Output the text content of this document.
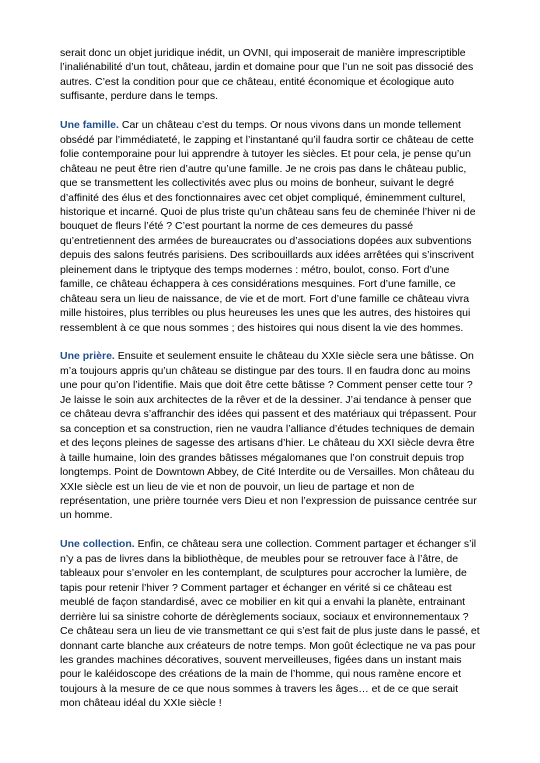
serait donc un objet juridique inédit, un OVNI, qui imposerait de manière imprescriptible
l’inaliénabilité d’un tout, château, jardin et domaine pour que l’un ne soit pas dissocié des
autres. C’est la condition pour que ce château, entité économique et écologique auto
suffisante, perdure dans le temps.

Une famille. Car un château c’est du temps. Or nous vivons dans un monde tellement
obsédé par l’immédiateté, le zapping et l’instantané qu’il faudra sortir ce château de cette
folie contemporaine pour lui apprendre à tutoyer les siècles. Et pour cela, je pense qu’un
château ne peut être rien d’autre qu’une famille. Je ne crois pas dans le château public,
que se transmettent les collectivités avec plus ou moins de bonheur, suivant le degré
d’affinité des élus et des fonctionnaires avec cet objet compliqué, éminemment culturel,
historique et incarné. Quoi de plus triste qu’un château sans feu de cheminée l’hiver ni de
bouquet de fleurs l’été ? C’est pourtant la norme de ces demeures du passé
qu’entretiennent des armées de bureaucrates ou d’associations dopées aux subventions
depuis des salons feutrés parisiens. Des scribouillards aux idées arrêtées qui s’inscrivent
pleinement dans le triptyque des temps modernes : métro, boulot, conso. Fort d’une
famille, ce château échappera à ces considérations mesquines. Fort d’une famille, ce
château sera un lieu de naissance, de vie et de mort. Fort d’une famille ce château vivra
mille histoires, plus terribles ou plus heureuses les unes que les autres, des histoires qui
ressemblent à ce que nous sommes ; des histoires qui nous disent la vie des hommes.

Une prière. Ensuite et seulement ensuite le château du XXIe siècle sera une bâtisse. On
m’a toujours appris qu’un château se distingue par des tours. Il en faudra donc au moins
une pour qu’on l’identifie. Mais que doit être cette bâtisse ? Comment penser cette tour ?
Je laisse le soin aux architectes de la rêver et de la dessiner. J’ai tendance à penser que
ce château devra s’affranchir des idées qui passent et des matériaux qui trépassent. Pour
sa conception et sa construction, rien ne vaudra l’alliance d’études techniques de demain
et des leçons pleines de sagesse des artisans d’hier. Le château du XXI siècle devra être
à taille humaine, loin des grandes bâtisses mégalomanes que l’on construit depuis trop
longtemps. Point de Downtown Abbey, de Cité Interdite ou de Versailles. Mon château du
XXIe siècle est un lieu de vie et non de pouvoir, un lieu de partage et non de
représentation, une prière tournée vers Dieu et non l’expression de puissance centrée sur
un homme.

Une collection. Enfin, ce château sera une collection. Comment partager et échanger s’il
n’y a pas de livres dans la bibliothèque, de meubles pour se retrouver face à l’âtre, de
tableaux pour s’envoler en les contemplant, de sculptures pour accrocher la lumière, de
tapis pour retenir l’hiver ? Comment partager et échanger en vérité si ce château est
meublé de façon standardisé, avec ce mobilier en kit qui a envahi la planète, entrainant
derrière lui sa sinistre cohorte de dérèglements sociaux, sociaux et environnementaux ?
Ce château sera un lieu de vie transmettant ce qui s’est fait de plus juste dans le passé, et
donnant carte blanche aux créateurs de notre temps. Mon goût éclectique ne va pas pour
les grandes machines décoratives, souvent merveilleuses, figées dans un instant mais
pour le kaléidoscope des créations de la main de l’homme, qui nous ramène encore et
toujours à la mesure de ce que nous sommes à travers les âges… et de ce que serait
mon château idéal du XXIe siècle !
